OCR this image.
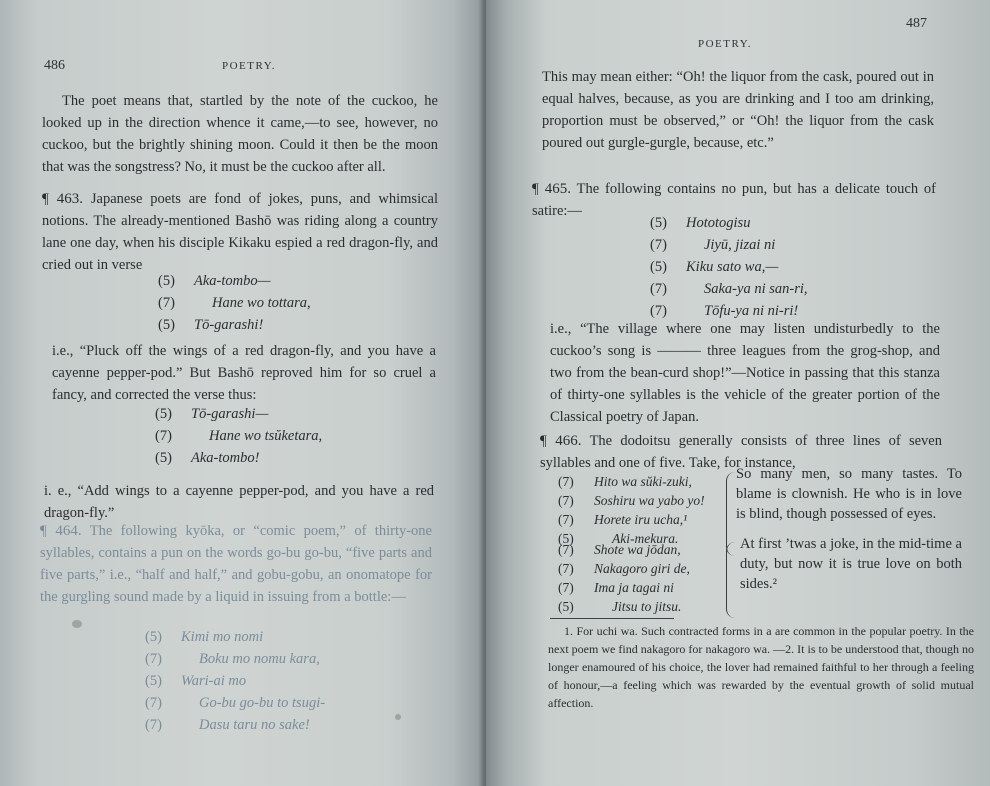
486	POETRY.
The poet means that, startled by the note of the cuckoo, he looked up in the direction whence it came,—to see, however, no cuckoo, but the brightly shining moon. Could it then be the moon that was the songstress? No, it must be the cuckoo after all.
¶ 463. Japanese poets are fond of jokes, puns, and whimsical notions. The already-mentioned Bashō was riding along a country lane one day, when his disciple Kikaku espied a red dragon-fly, and cried out in verse
(5) Aka-tombo—
(7)	Hane wo tottara,
(5) Tō-garashi!
i.e., “Pluck off the wings of a red dragon-fly, and you have a cayenne pepper-pod.” But Bashō reproved him for so cruel a fancy, and corrected the verse thus:
(5) Tō-garashi—
(7)	Hane wo tsŭketara,
(5) Aka-tombo!
i. e., “Add wings to a cayenne pepper-pod, and you have a red dragon-fly.”
¶ 464. The following kyōka, or “comic poem,” of thirty-one syllables, contains a pun on the words go-bu go-bu, “five parts and five parts,” i.e., “half and half,” and gobu-gobu, an onomatope for the gurgling sound made by a liquid in issuing from a bottle:—
(5) Kimi mo nomi
(7)	Boku mo nomu kara,
(5) Wari-ai mo
(7)	Go-bu go-bu to tsugi-
(7)	Dasu taru no sake!
487
POETRY.
This may mean either: “Oh! the liquor from the cask, poured out in equal halves, because, as you are drinking and I too am drinking, proportion must be observed,” or “Oh! the liquor from the cask poured out gurgle-gurgle, because, etc.”
¶ 465. The following contains no pun, but has a delicate touch of satire:—
(5) Hototogisu
(7)	Jiyū, jizai ni
(5) Kiku sato wa,—
(7)	Saka-ya ni san-ri,
(7)	Tōfu-ya ni ni-ri!
i.e., “The village where one may listen undisturbedly to the cuckoo’s song is ——— three leagues from the grog-shop, and two from the bean-curd shop!”—Notice in passing that this stanza of thirty-one syllables is the vehicle of the greater portion of the Classical poetry of Japan.
¶ 466. The dodoitsu generally consists of three lines of seven syllables and one of five. Take, for instance,
(7) Hito wa sŭki-zuki,
(7) Soshiru wa yabo yo!
(7) Horete iru ucha,¹
(5)	Aki-mekura.
So many men, so many tastes. To blame is clownish. He who is in love is blind, though possessed of eyes.
(7) Shote wa jōdan,
(7) Nakagoro giri de,
(7) Ima ja tagai ni
(5)	Jitsu to jitsu.
At first ’twas a joke, in the mid-time a duty, but now it is true love on both sides.²
1. For uchi wa. Such contracted forms in a are common in the popular poetry. In the next poem we find nakagoro for nakagoro wa. —2. It is to be understood that, though no longer enamoured of his choice, the lover had remained faithful to her through a feeling of honour,—a feeling which was rewarded by the eventual growth of solid mutual affection.
